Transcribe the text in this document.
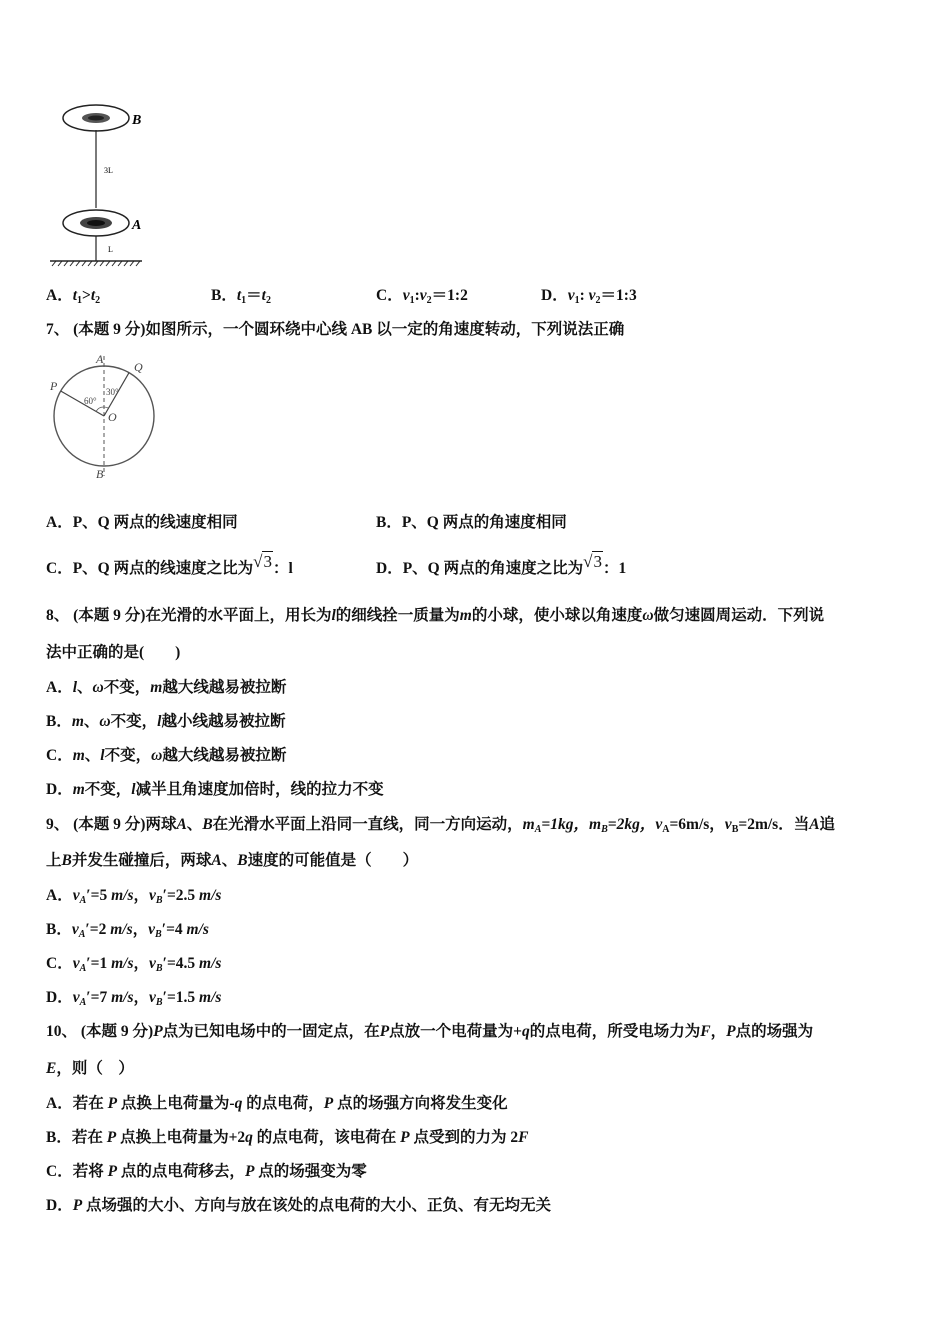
B
A
3L
L
A．$t_1>t_2$	B．$t_1=t_2$	C．$v_1:v_2=1:2$	D．$v_1$: $v_2=1:3$
7、 (本题 9 分)如图所示，一个圆环绕中心线 AB 以一定的角速度转动，下列说法正确
A
B
P
Q
O
60°
30°
A．P、Q 两点的线速度相同	B．P、Q 两点的角速度相同
C．P、Q 两点的线速度之比为√3：l	D．P、Q 两点的角速度之比为√3：1
8、 (本题 9 分)在光滑的水平面上，用长为l的细线拴一质量为m的小球，使小球以角速度ω做匀速圆周运动．下列说
法中正确的是(　　)
A．l、ω不变，m越大线越易被拉断
B．m、ω不变，l越小线越易被拉断
C．m、l不变，ω越大线越易被拉断
D．m不变，l减半且角速度加倍时，线的拉力不变
9、 (本题 9 分)两球A、B在光滑水平面上沿同一直线，同一方向运动，$m_A=1kg$，$m_B=2kg$，$v_A=6m/s$，$v_B=2m/s$．当A追
上B并发生碰撞后，两球A、B速度的可能值是（　　）
A．$v_A'=5$ m/s，$v_B'=2.5$ m/s
B．$v_A'=2$ m/s，$v_B'=4$ m/s
C．$v_A'=1$ m/s，$v_B'=4.5$ m/s
D．$v_A'=7$ m/s，$v_B'=1.5$ m/s
10、 (本题 9 分)P点为已知电场中的一固定点，在P点放一个电荷量为+q的点电荷，所受电场力为F，P点的场强为
E，则（　）
A．若在 P 点换上电荷量为-q 的点电荷，P 点的场强方向将发生变化
B．若在 P 点换上电荷量为+2q 的点电荷，该电荷在 P 点受到的力为 2F
C．若将 P 点的点电荷移去，P 点的场强变为零
D．P 点场强的大小、方向与放在该处的点电荷的大小、正负、有无均无关
